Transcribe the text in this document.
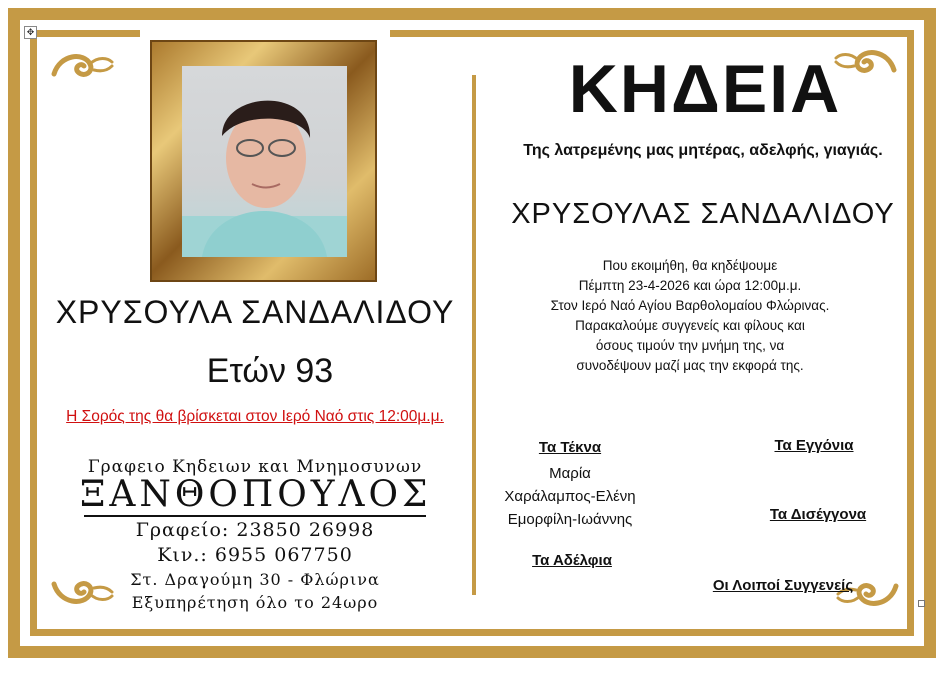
✥
ΧΡΥΣΟΥΛΑ ΣΑΝΔΑΛΙΔΟΥ
Ετών 93
Η Σορός της θα βρίσκεται στον Ιερό Ναό στις 12:00μ.μ.
Γραφειο Κηδειων και Μνημοσυνων
ΞΑΝΘΟΠΟΥΛΟΣ
Γραφείο: 23850 26998
Κιν.: 6955 067750
Στ. Δραγούμη 30 - Φλώρινα
Εξυπηρέτηση όλο το 24ωρο
ΚΗΔΕΙΑ
Της λατρεμένης μας μητέρας, αδελφής, γιαγιάς.
ΧΡΥΣΟΥΛΑΣ ΣΑΝΔΑΛΙΔΟΥ
Που εκοιμήθη, θα κηδέψουμε
Πέμπτη 23-4-2026 και ώρα 12:00μ.μ.
Στον Ιερό Ναό Αγίου Βαρθολομαίου Φλώρινας.
Παρακαλούμε συγγενείς και φίλους και
όσους τιμούν την μνήμη της, να
συνοδέψουν μαζί μας την εκφορά της.
Τα Τέκνα
Μαρία
Χαράλαμπος-Ελένη
Εμορφίλη-Ιωάννης
Τα Εγγόνια
Τα Δισέγγονα
Τα Αδέλφια
Οι Λοιποί Συγγενείς
